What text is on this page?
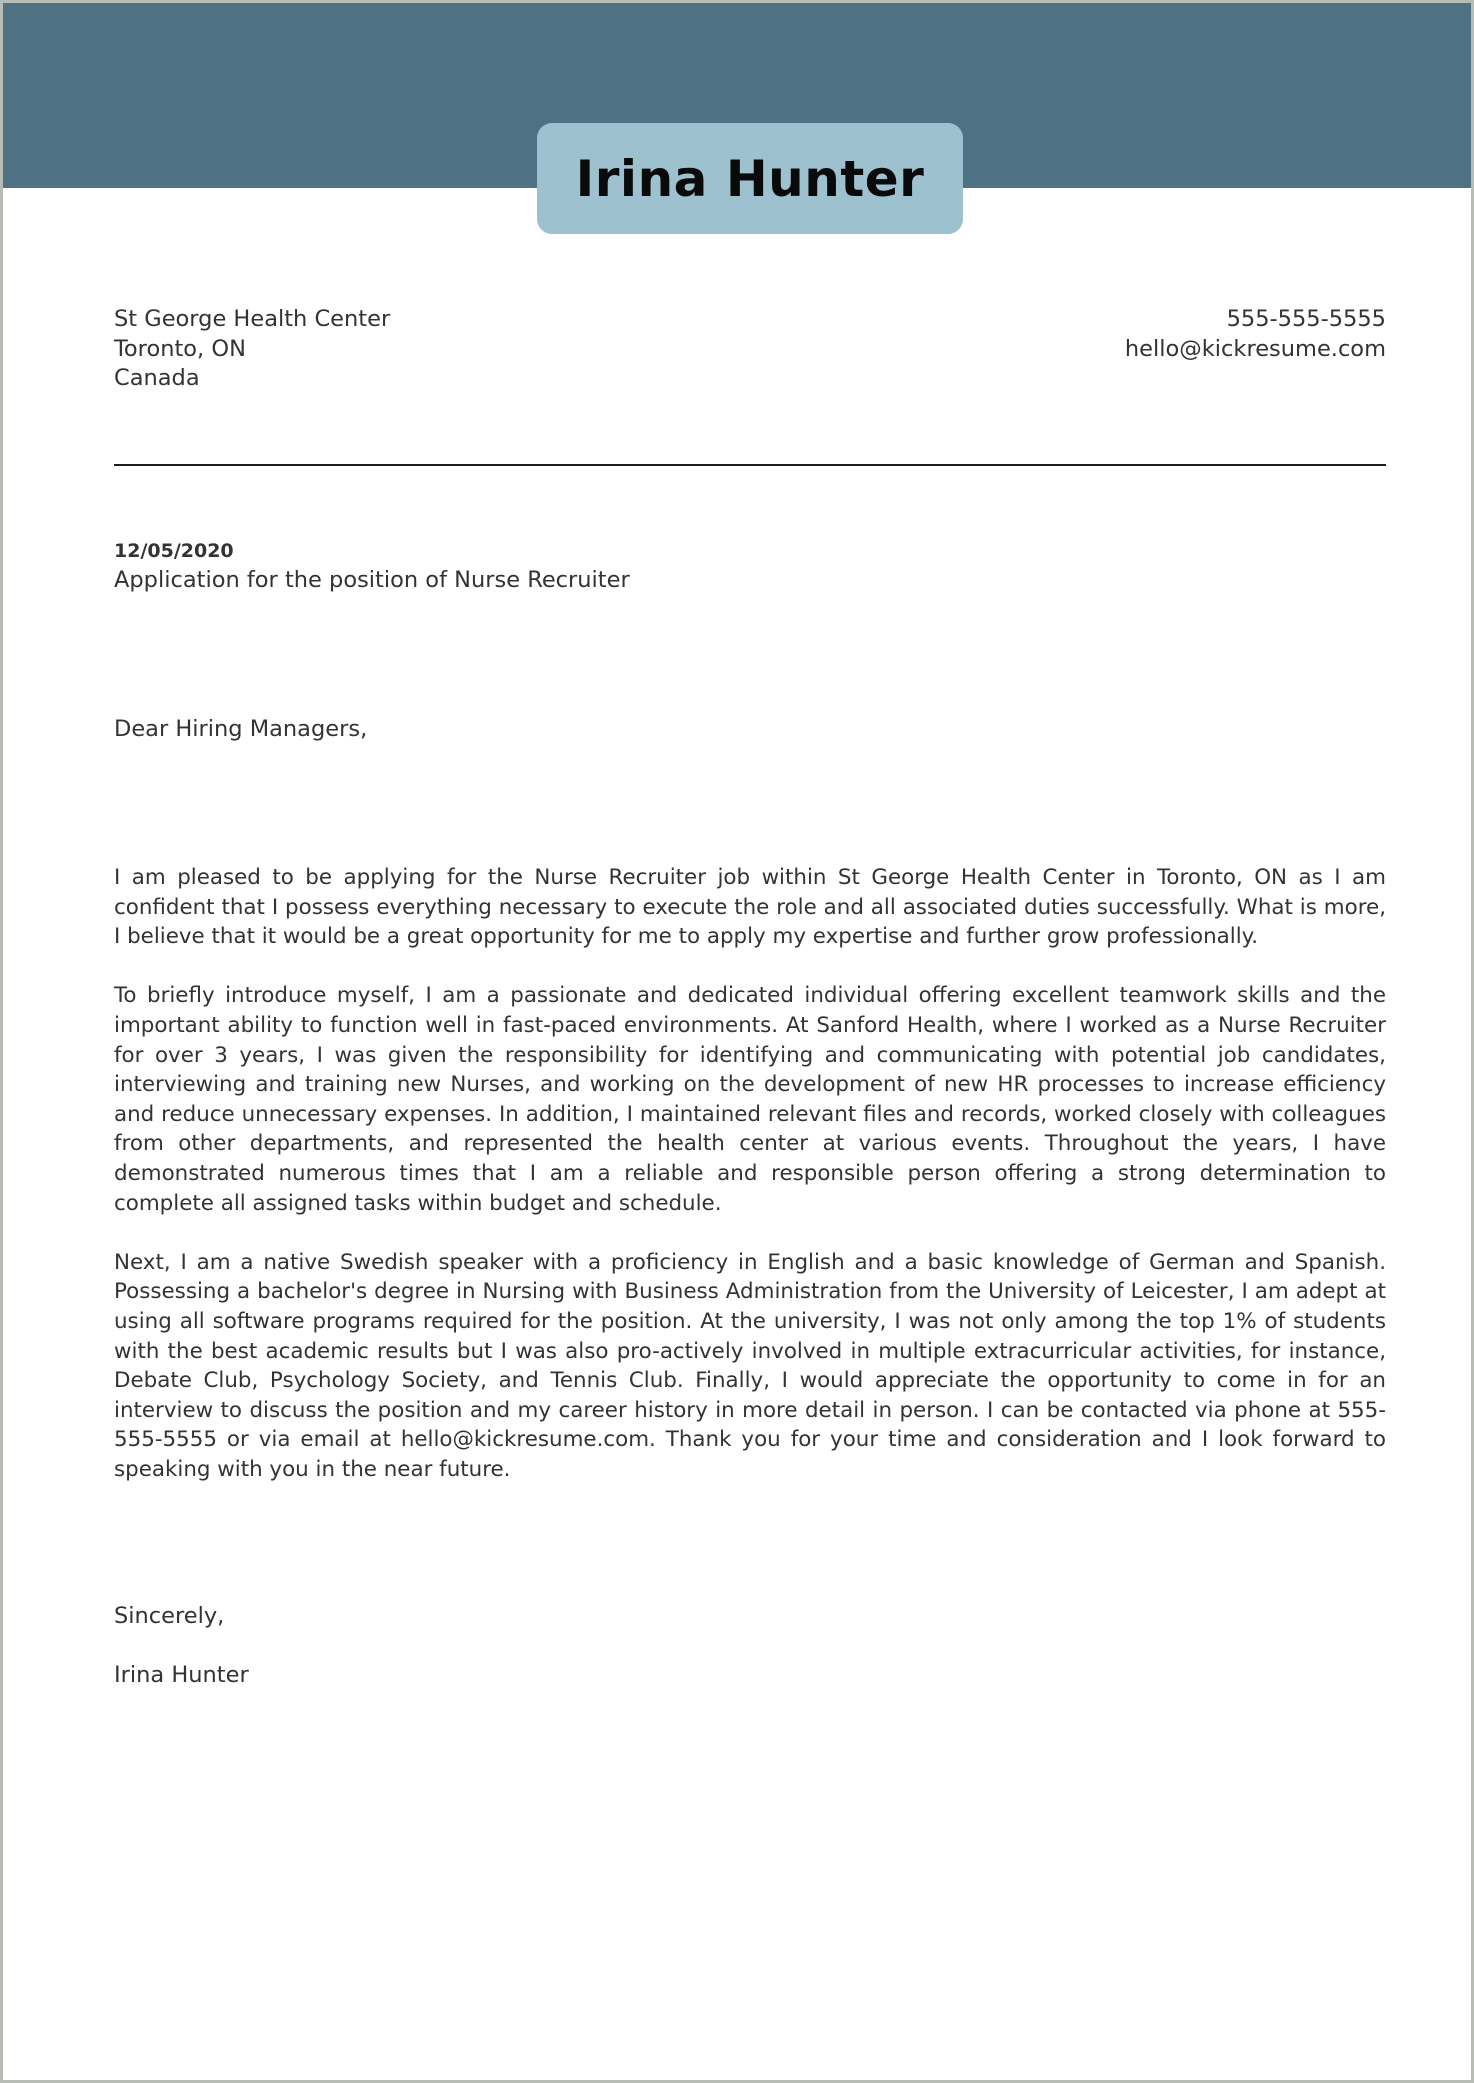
Irina Hunter
St George Health Center
Toronto, ON
Canada
555-555-5555
hello@kickresume.com
12/05/2020
Application for the position of Nurse Recruiter
Dear Hiring Managers,

I am pleased to be applying for the Nurse Recruiter job within St George Health Center in Toronto, ON as I am confident that I possess everything necessary to execute the role and all associated duties successfully. What is more, I believe that it would be a great opportunity for me to apply my expertise and further grow professionally.

To briefly introduce myself, I am a passionate and dedicated individual offering excellent teamwork skills and the important ability to function well in fast-paced environments. At Sanford Health, where I worked as a Nurse Recruiter for over 3 years, I was given the responsibility for identifying and communicating with potential job candidates, interviewing and training new Nurses, and working on the development of new HR processes to increase efficiency and reduce unnecessary expenses. In addition, I maintained relevant files and records, worked closely with colleagues from other departments, and represented the health center at various events. Throughout the years, I have demonstrated numerous times that I am a reliable and responsible person offering a strong determination to complete all assigned tasks within budget and schedule.

Next, I am a native Swedish speaker with a proficiency in English and a basic knowledge of German and Spanish. Possessing a bachelor's degree in Nursing with Business Administration from the University of Leicester, I am adept at using all software programs required for the position. At the university, I was not only among the top 1% of students with the best academic results but I was also pro-actively involved in multiple extracurricular activities, for instance, Debate Club, Psychology Society, and Tennis Club. Finally, I would appreciate the opportunity to come in for an interview to discuss the position and my career history in more detail in person. I can be contacted via phone at 555-555-5555 or via email at hello@kickresume.com. Thank you for your time and consideration and I look forward to speaking with you in the near future.

Sincerely,
Irina Hunter
